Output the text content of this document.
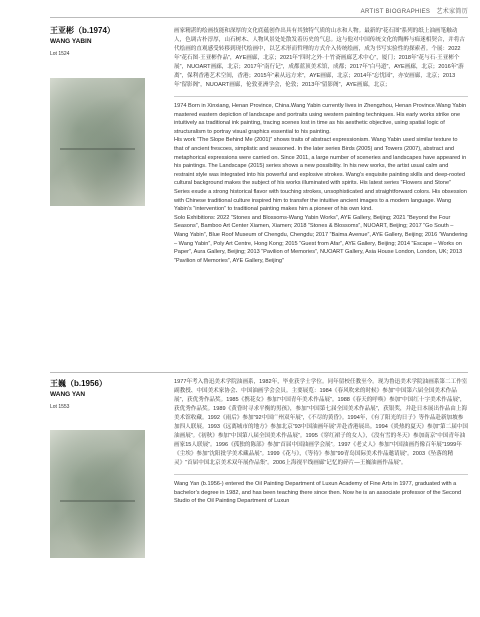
ARTIST BIOGRAPHIES　艺术家简历
王亚彬（b.1974）
WANG YABIN
Lot 1524

画家精湛的绘画技能和深厚的文化底蕴创作出具有其独特气质的山水和人物。最新的“花石图”系列的纸上油画笔触动人，色调古朴淳厚，山石树木、人物风景处处散发着历史的气息。这与他对中国传统文化的陶醉与痴迷相契合，并将古代绘画的直观感受转移到现代绘画中，以艺术形而哲理的方式介入传统绘画，成为书写实验性的探索者。个展：2022年“花石图·王亚彬作品”，AYE画廊，北京；2021年“四时之外·十竹斋画廊艺术中心”，厦门；2018年“花与石·王亚彬个展”，NUOART画廊，北京；2017年“南行记”，成都蓝顶美术馆，成都；2017年“白马道”，AYE画廊，北京；2016年“游离”，保利香港艺术空间，香港；2015年“素从远方来”，AYE画廊，北京；2014年“忘忧园”，亦安画廊，北京；2013年“留影阁”，NUOART画廊，伦敦亚洲学会，伦敦；2013年“留影阁”，AYE画廊，北京；

1974 Born in Xinxiang, Henan Province, China.Wang Yabin currently lives in Zhengzhou, Henan Province.Wang Yabin mastered eastern depiction of landscape and portraits using western painting techniques. His early works strike one intuitively as traditional ink painting, tracing scenes lost in time as his aesthetic objective, using spatial logic of structuralism to portray visual graphics essential to his painting.
His work “The Slope Behind Me (2001)” shows traits of abstract expressionism. Wang Yabin used similar texture to that of ancient frescoes, simplistic and seasoned. In the later series Birds (2005) and Towers (2007), abstract and metaphorical expressions were carried on. Since 2011, a large number of sceneries and landscapes have appeared in his paintings. The Landscape (2015) series shows a new possibility. In his new works, the artist usual calm and restraint style was integrated into his powerful and explosive strokes. Wang’s exquisite painting skills and deep-rooted cultural background makes the subject of his works illuminated with spirits. His latest series “Flowers and Stone” Series exude a strong historical flavor with touching strokes, unsophisticated and straightforward colors. His obsession with Chinese traditional culture inspired him to transfer the intuitive ancient images to a modern language. Wang Yabin’s “intervention” to traditional painting makes him a pioneer of his own kind.
Solo Exhibitions: 2022 “Stones and Blossoms-Wang Yabin Works”, AYE Gallery, Beijing; 2021 “Beyond the Four Seasons”, Bamboo Art Center Xiamen, Xiamen; 2018 “Stones & Blossoms”, NUOART, Beijing; 2017 “Go South – Wang Yabin”, Blue Roof Museum of Chengdu, Chengdu; 2017 “Baima Avenue”, AYE Gallery, Beijing; 2016 “Wandering – Wang Yabin”, Poly Art Centre, Hong Kong; 2015 “Guest from Afar”, AYE Gallery, Beijing; 2014 “Escape – Works on Paper”, Aura Gallery, Beijing; 2013 “Pavilion of Memories”, NUOART Gallery, Asia House London, London, UK; 2013 “Pavilion of Memories”, AYE Gallery, Beijing”

王巍（b.1956）
WANG YAN
Lot 1553

1977年考入鲁迅美术学院油画系，1982年，毕业获学士学位。同年留校任教至今。现为鲁迅美术学院油画系第二工作室副教授、中国美术家协会、中国油画学会会员。主要展览：1984《春风吹来的时候》参加“中国第六届全国美术作品展”，获优秀作品奖。1985《携花女》参加“中国青年美术作品展”。1988《春天的呼唤》参加“中国红十字美术作品展”，获优秀作品奖。1989《黄昏时寻求平衡的男孩》，参加“中国第七届全国美术作品展”，获银奖，并赴日本展出作品由上海美术馆收藏。1992《雨后》参加“92中国广州双年展”，《不尽的黄昏》。1994年，《有了阳光的日子》等作品赴新加坡参加四人联展。1993《远离城市的地方》参加北京“93中国油画年展”并赴香港展出。1994《炎热的夏天》参加“第二届中国油画展”。《初秋》参加“中国第八届全国美术作品展”。1995《穿红裙子的女人》，《没有雪的冬天》参加南京“中国青年油画家15人联展”。1996《孤独的陈部》参加“首届中国油画学会展”。1997《老丈人》参加“中国油画肖像百年展”1999年《尘埃》参加“沈阳批学美术藏品展”。1999《花与》，《等待》参加“99青岛国际美术作品邀请展”。2003《坠落的精灵》“首届中国北京美术双年展作品集”。2006上海视平线画廊“记忆的碎片—王巍油画作品展”。

Wang Yan (b.1956-) entered the Oil Painting Department of Luxun Academy of Fine Arts in 1977, graduated with a bachelor’s degree in 1982, and has been teaching there since then. Now he is an associate professor of the Second Studio of the Oil Painting Department of Luxun
